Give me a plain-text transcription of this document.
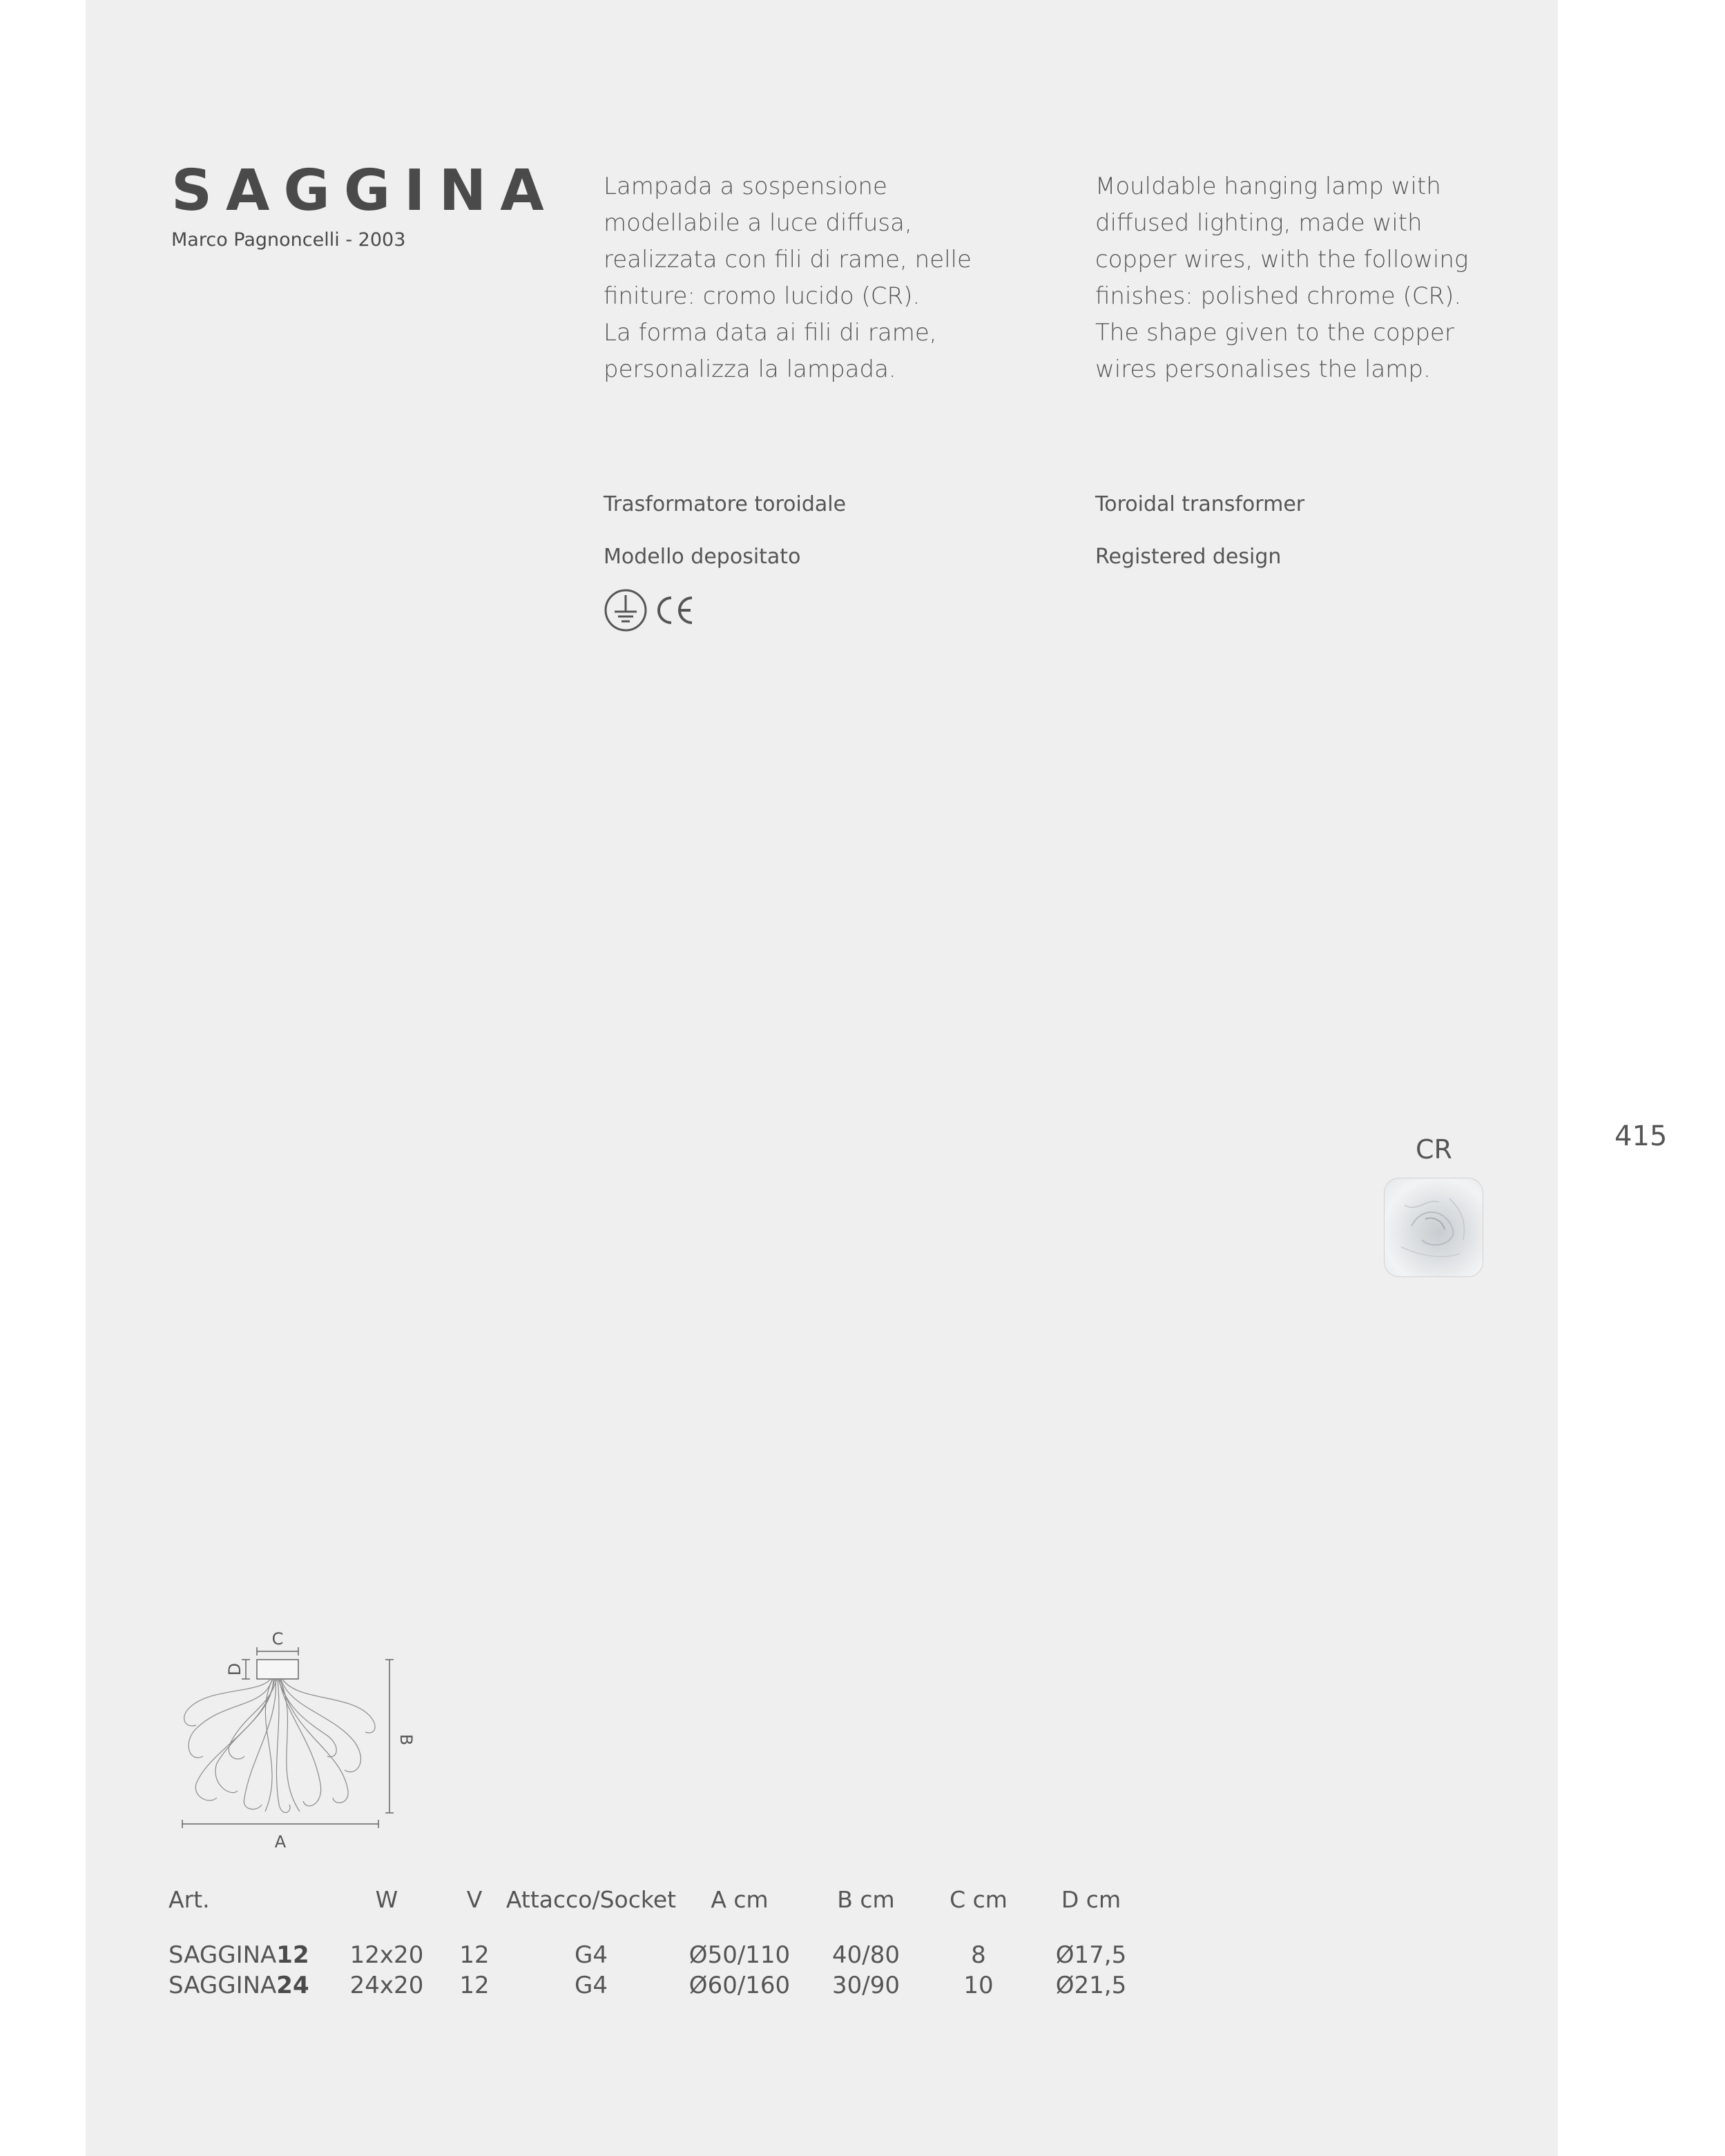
SAGGINA
Marco Pagnoncelli - 2003
Lampada a sospensione
modellabile a luce diffusa,
realizzata con fili di rame, nelle
finiture: cromo lucido (CR).
La forma data ai fili di rame,
personalizza la lampada.
Mouldable hanging lamp with
diffused lighting, made with
copper wires, with the following
finishes: polished chrome (CR).
The shape given to the copper
wires personalises the lamp.
Trasformatore toroidale
Modello depositato
Toroidal transformer
Registered design
415
CR
C
D
B
A
Art.	W	V Attacco/Socket A cm	B cm C cm D cm
SAGGINA12 12x20 12	G4	Ø50/110 40/80	8	Ø17,5
SAGGINA24 24x20 12	G4	Ø60/160 30/90	10	Ø21,5
